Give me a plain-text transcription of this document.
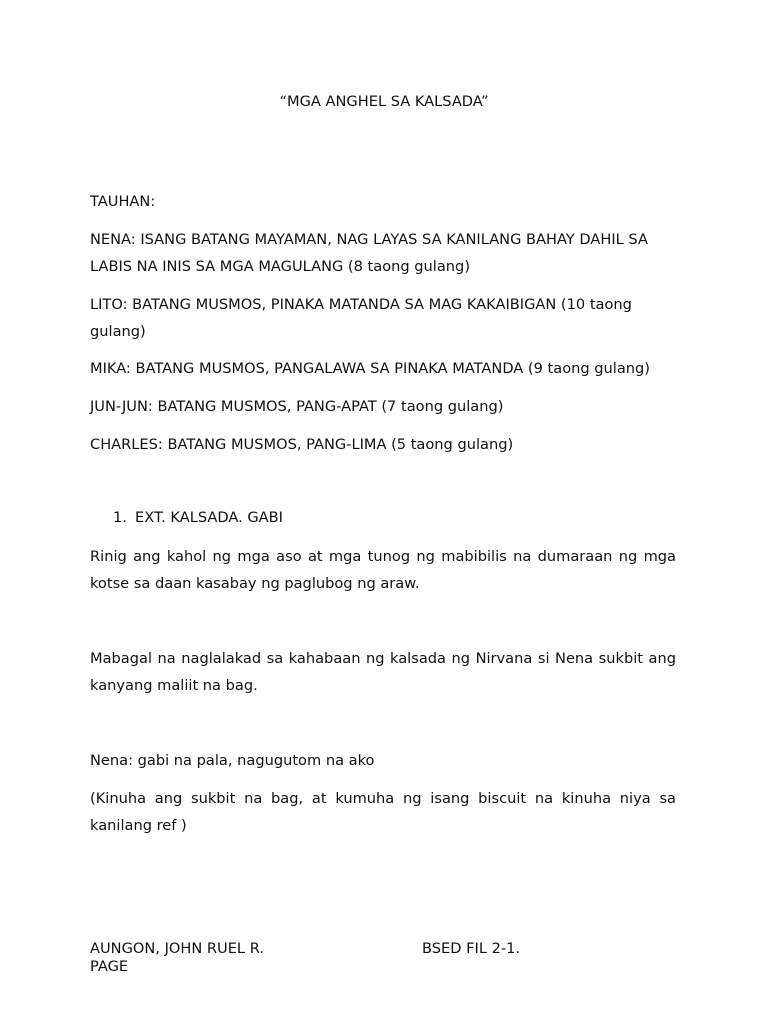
“MGA ANGHEL SA KALSADA”
TAUHAN:
NENA: ISANG BATANG MAYAMAN, NAG LAYAS SA KANILANG BAHAY DAHIL SA LABIS NA INIS SA MGA MAGULANG (8 taong gulang)
LITO: BATANG MUSMOS, PINAKA MATANDA SA MAG KAKAIBIGAN (10 taong gulang)
MIKA: BATANG MUSMOS, PANGALAWA SA PINAKA MATANDA (9 taong gulang)
JUN-JUN: BATANG MUSMOS, PANG-APAT (7 taong gulang)
CHARLES: BATANG MUSMOS, PANG-LIMA (5 taong gulang)
1. EXT. KALSADA. GABI
Rinig ang kahol ng mga aso at mga tunog ng mabibilis na dumaraan ng mga kotse sa daan kasabay ng paglubog ng araw.
Mabagal na naglalakad sa kahabaan ng kalsada ng Nirvana si Nena sukbit ang kanyang maliit na bag.
Nena: gabi na pala, nagugutom na ako
(Kinuha ang sukbit na bag, at kumuha ng isang biscuit na kinuha niya sa kanilang ref )
AUNGON, JOHN RUEL R.
PAGE
BSED FIL 2-1.
